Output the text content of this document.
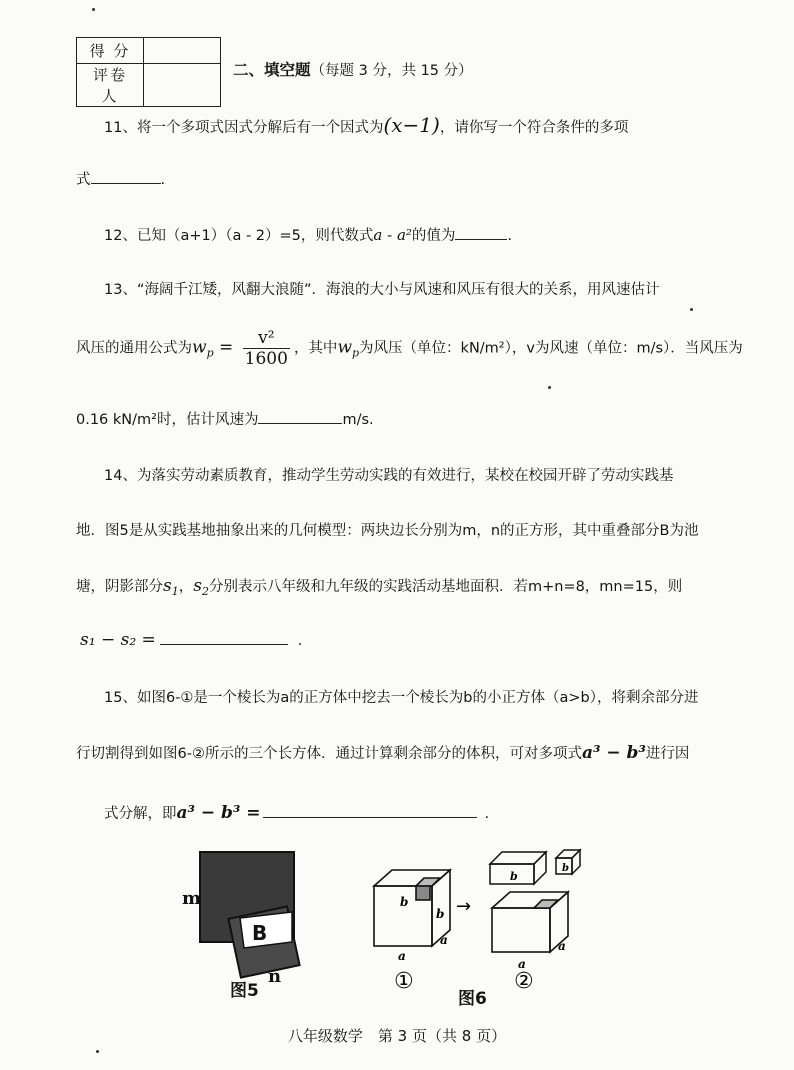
得 分	
评卷人	
二、填空题（每题 3 分，共 15 分）
11、将一个多项式因式分解后有一个因式为(x−1)，请你写一个符合条件的多项
式	.
12、已知（a+1）（a - 2）=5，则代数式a - a²的值为	.
13、“海阔千江矮，风翻大浪随”．海浪的大小与风速和风压有很大的关系，用风速估计
风压的通用公式为$w_p = \frac{\text{v²}}{1600}$ ，其中$w_p$为风压（单位：kN/m²），v为风速（单位：m/s）．当风压为
0.16 kN/m²时，估计风速为	m/s.
14、为落实劳动素质教育，推动学生劳动实践的有效进行，某校在校园开辟了劳动实践基
地．图5是从实践基地抽象出来的几何模型：两块边长分别为m，n的正方形，其中重叠部分B为池
塘，阴影部分$s_1$，$s_2$分别表示八年级和九年级的实践活动基地面积．若m+n=8，mn=15，则
s₁ − s₂ =	.
15、如图6-①是一个棱长为a的正方体中挖去一个棱长为b的小正方体（a>b），将剩余部分进
行切割得到如图6-②所示的三个长方体．通过计算剩余部分的体积，可对多项式a³ − b³进行因
式分解，即a³ − b³ =	.
B
m
n
图5
b
b
a
a
→
b
b
a
a
①	②
图6
八年级数学　第 3 页（共 8 页）
